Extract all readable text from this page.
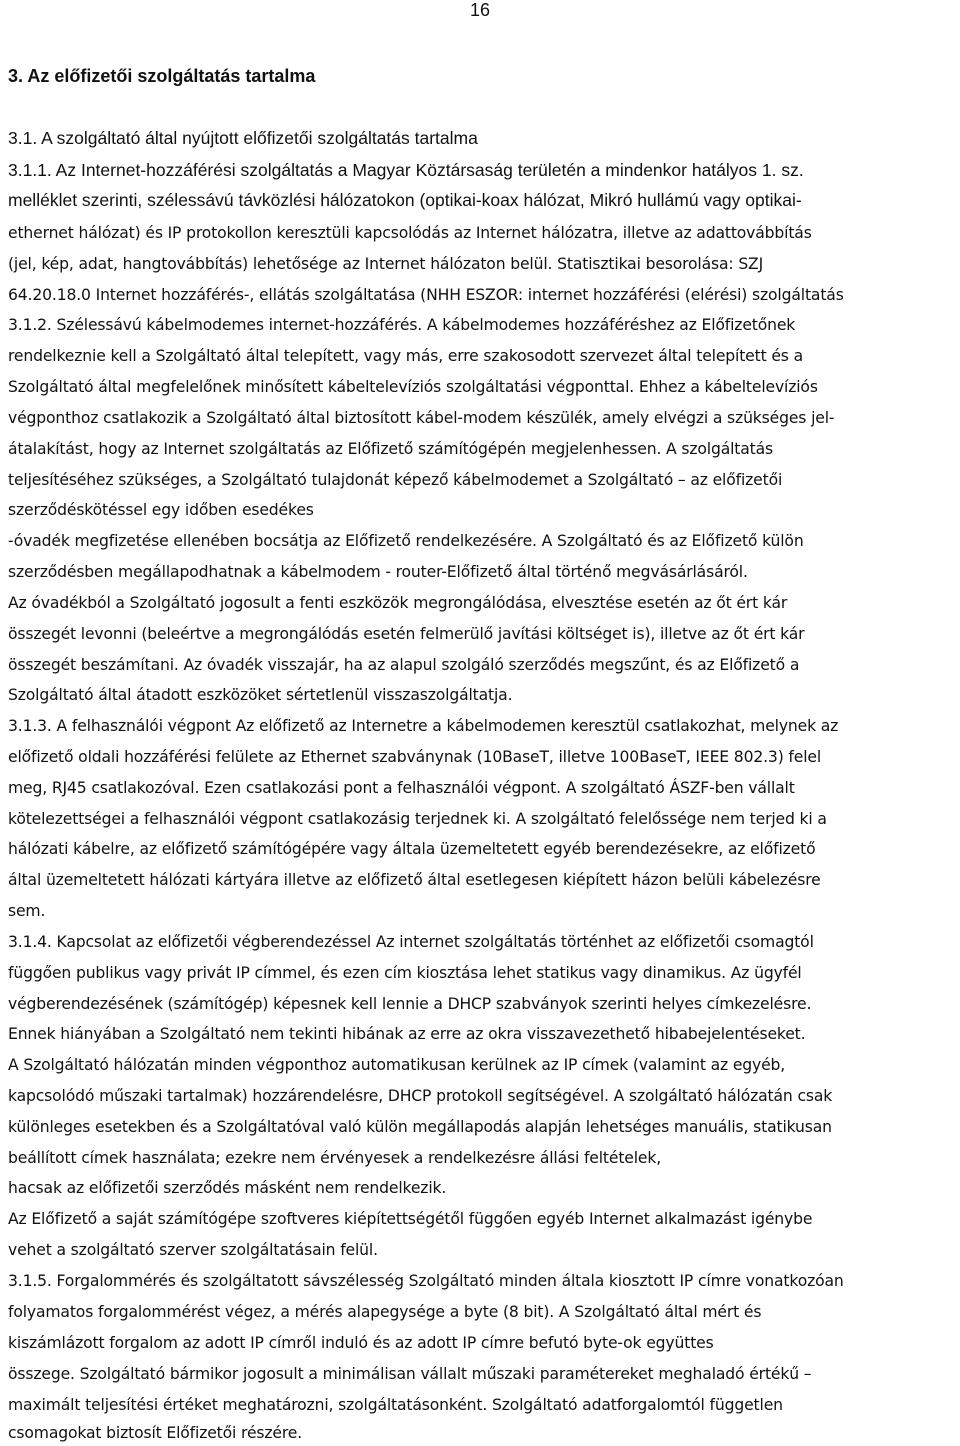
16
3. Az előfizetői szolgáltatás tartalma
3.1. A szolgáltató által nyújtott előfizetői szolgáltatás tartalma
3.1.1. Az Internet-hozzáférési szolgáltatás a Magyar Köztársaság területén a mindenkor hatályos 1. sz.
melléklet szerinti, szélessávú távközlési hálózatokon (optikai-koax hálózat, Mikró hullámú vagy optikai-
ethernet hálózat) és IP protokollon keresztüli kapcsolódás az Internet hálózatra, illetve az adattovábbítás
(jel, kép, adat, hangtovábbítás) lehetősége az Internet hálózaton belül. Statisztikai besorolása: SZJ
64.20.18.0 Internet hozzáférés-, ellátás szolgáltatása (NHH ESZOR: internet hozzáférési (elérési) szolgáltatás
3.1.2. Szélessávú kábelmodemes internet-hozzáférés. A kábelmodemes hozzáféréshez az Előfizetőnek
rendelkeznie kell a Szolgáltató által telepített, vagy más, erre szakosodott szervezet által telepített és a
Szolgáltató által megfelelőnek minősített kábeltelevíziós szolgáltatási végponttal. Ehhez a kábeltelevíziós
végponthoz csatlakozik a Szolgáltató által biztosított kábel-modem készülék, amely elvégzi a szükséges jel-
átalakítást, hogy az Internet szolgáltatás az Előfizető számítógépén megjelenhessen. A szolgáltatás
teljesítéséhez szükséges, a Szolgáltató tulajdonát képező kábelmodemet a Szolgáltató – az előfizetői
szerződéskötéssel egy időben esedékes
-óvadék megfizetése ellenében bocsátja az Előfizető rendelkezésére. A Szolgáltató és az Előfizető külön
szerződésben megállapodhatnak a kábelmodem - router-Előfizető által történő megvásárlásáról.
Az óvadékból a Szolgáltató jogosult a fenti eszközök megrongálódása, elvesztése esetén az őt ért kár
összegét levonni (beleértve a megrongálódás esetén felmerülő javítási költséget is), illetve az őt ért kár
összegét beszámítani. Az óvadék visszajár, ha az alapul szolgáló szerződés megszűnt, és az Előfizető a
Szolgáltató által átadott eszközöket sértetlenül visszaszolgáltatja.
3.1.3. A felhasználói végpont Az előfizető az Internetre a kábelmodemen keresztül csatlakozhat, melynek az
előfizető oldali hozzáférési felülete az Ethernet szabványnak (10BaseT, illetve 100BaseT, IEEE 802.3) felel
meg, RJ45 csatlakozóval. Ezen csatlakozási pont a felhasználói végpont. A szolgáltató ÁSZF-ben vállalt
kötelezettségei a felhasználói végpont csatlakozásig terjednek ki. A szolgáltató felelőssége nem terjed ki a
hálózati kábelre, az előfizető számítógépére vagy általa üzemeltetett egyéb berendezésekre, az előfizető
által üzemeltetett hálózati kártyára illetve az előfizető által esetlegesen kiépített házon belüli kábelezésre
sem.
3.1.4. Kapcsolat az előfizetői végberendezéssel Az internet szolgáltatás történhet az előfizetői csomagtól
függően publikus vagy privát IP címmel, és ezen cím kiosztása lehet statikus vagy dinamikus. Az ügyfél
végberendezésének (számítógép) képesnek kell lennie a DHCP szabványok szerinti helyes címkezelésre.
Ennek hiányában a Szolgáltató nem tekinti hibának az erre az okra visszavezethető hibabejelentéseket.
A Szolgáltató hálózatán minden végponthoz automatikusan kerülnek az IP címek (valamint az egyéb,
kapcsolódó műszaki tartalmak) hozzárendelésre, DHCP protokoll segítségével. A szolgáltató hálózatán csak
különleges esetekben és a Szolgáltatóval való külön megállapodás alapján lehetséges manuális, statikusan
beállított címek használata; ezekre nem érvényesek a rendelkezésre állási feltételek,
hacsak az előfizetői szerződés másként nem rendelkezik.
Az Előfizető a saját számítógépe szoftveres kiépítettségétől függően egyéb Internet alkalmazást igénybe
vehet a szolgáltató szerver szolgáltatásain felül.
3.1.5. Forgalommérés és szolgáltatott sávszélesség Szolgáltató minden általa kiosztott IP címre vonatkozóan
folyamatos forgalommérést végez, a mérés alapegysége a byte (8 bit). A Szolgáltató által mért és
kiszámlázott forgalom az adott IP címről induló és az adott IP címre befutó byte-ok együttes
összege. Szolgáltató bármikor jogosult a minimálisan vállalt műszaki paramétereket meghaladó értékű –
maximált teljesítési értéket meghatározni, szolgáltatásonként. Szolgáltató adatforgalomtól független
csomagokat biztosít Előfizetői részére.
